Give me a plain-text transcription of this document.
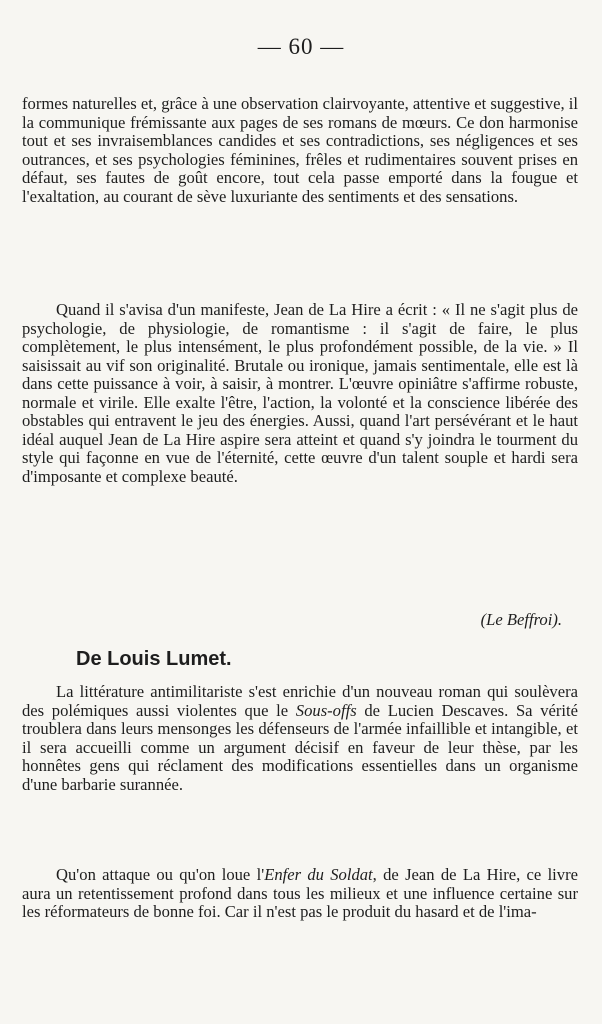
— 60 —

formes naturelles et, grâce à une observation clairvoyante, attentive et suggestive, il la communique frémissante aux pages de ses romans de mœurs. Ce don harmonise tout et ses invraisemblances candides et ses contradictions, ses négligences et ses outrances, et ses psychologies féminines, frêles et rudimentaires souvent prises en défaut, ses fautes de goût encore, tout cela passe emporté dans la fougue et l'exaltation, au courant de sève luxuriante des sentiments et des sensations.

Quand il s'avisa d'un manifeste, Jean de La Hire a écrit : « Il ne s'agit plus de psychologie, de physiologie, de romantisme : il s'agit de faire, le plus complètement, le plus intensément, le plus profondément possible, de la vie. » Il saisissait au vif son originalité. Brutale ou ironique, jamais sentimentale, elle est là dans cette puissance à voir, à saisir, à montrer. L'œuvre opiniâtre s'affirme robuste, normale et virile. Elle exalte l'être, l'action, la volonté et la conscience libérée des obstables qui entravent le jeu des énergies. Aussi, quand l'art persévérant et le haut idéal auquel Jean de La Hire aspire sera atteint et quand s'y joindra le tourment du style qui façonne en vue de l'éternité, cette œuvre d'un talent souple et hardi sera d'imposante et complexe beauté.

(Le Beffroi).
De Louis Lumet.

La littérature antimilitariste s'est enrichie d'un nouveau roman qui soulèvera des polémiques aussi violentes que le Sous-offs de Lucien Descaves. Sa vérité troublera dans leurs mensonges les défenseurs de l'armée infaillible et intangible, et il sera accueilli comme un argument décisif en faveur de leur thèse, par les honnêtes gens qui réclament des modifications essentielles dans un organisme d'une barbarie surannée.

Qu'on attaque ou qu'on loue l'Enfer du Soldat, de Jean de La Hire, ce livre aura un retentissement profond dans tous les milieux et une influence certaine sur les réformateurs de bonne foi. Car il n'est pas le produit du hasard et de l'ima-
